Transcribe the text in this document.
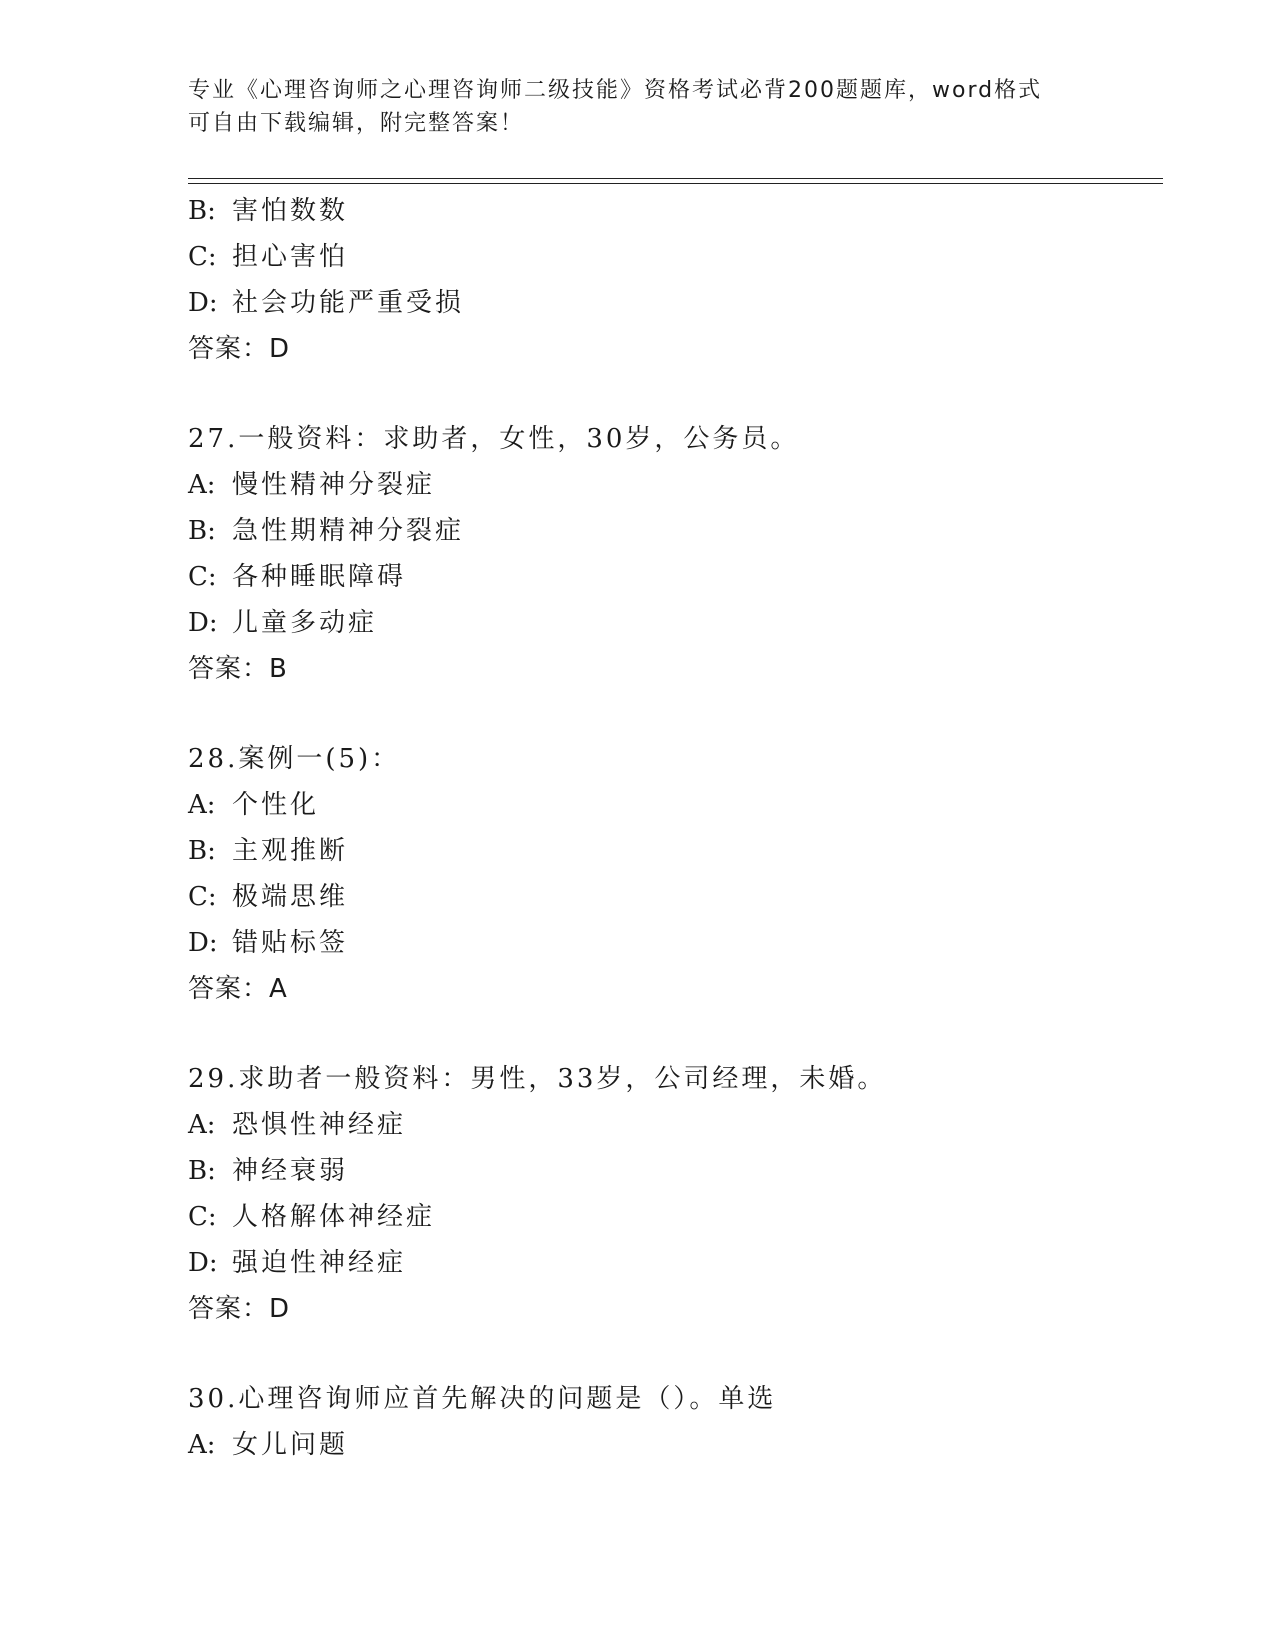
专业《心理咨询师之心理咨询师二级技能》资格考试必背200题题库，word格式
可自由下载编辑，附完整答案！
B: 害怕数数
C: 担心害怕
D: 社会功能严重受损
答案：D
27.一般资料：求助者，女性，30岁，公务员。
A: 慢性精神分裂症
B: 急性期精神分裂症
C: 各种睡眠障碍
D: 儿童多动症
答案：B
28.案例一(5)：
A: 个性化
B: 主观推断
C: 极端思维
D: 错贴标签
答案：A
29.求助者一般资料：男性，33岁，公司经理，未婚。
A: 恐惧性神经症
B: 神经衰弱
C: 人格解体神经症
D: 强迫性神经症
答案：D
30.心理咨询师应首先解决的问题是（）。单选
A: 女儿问题
